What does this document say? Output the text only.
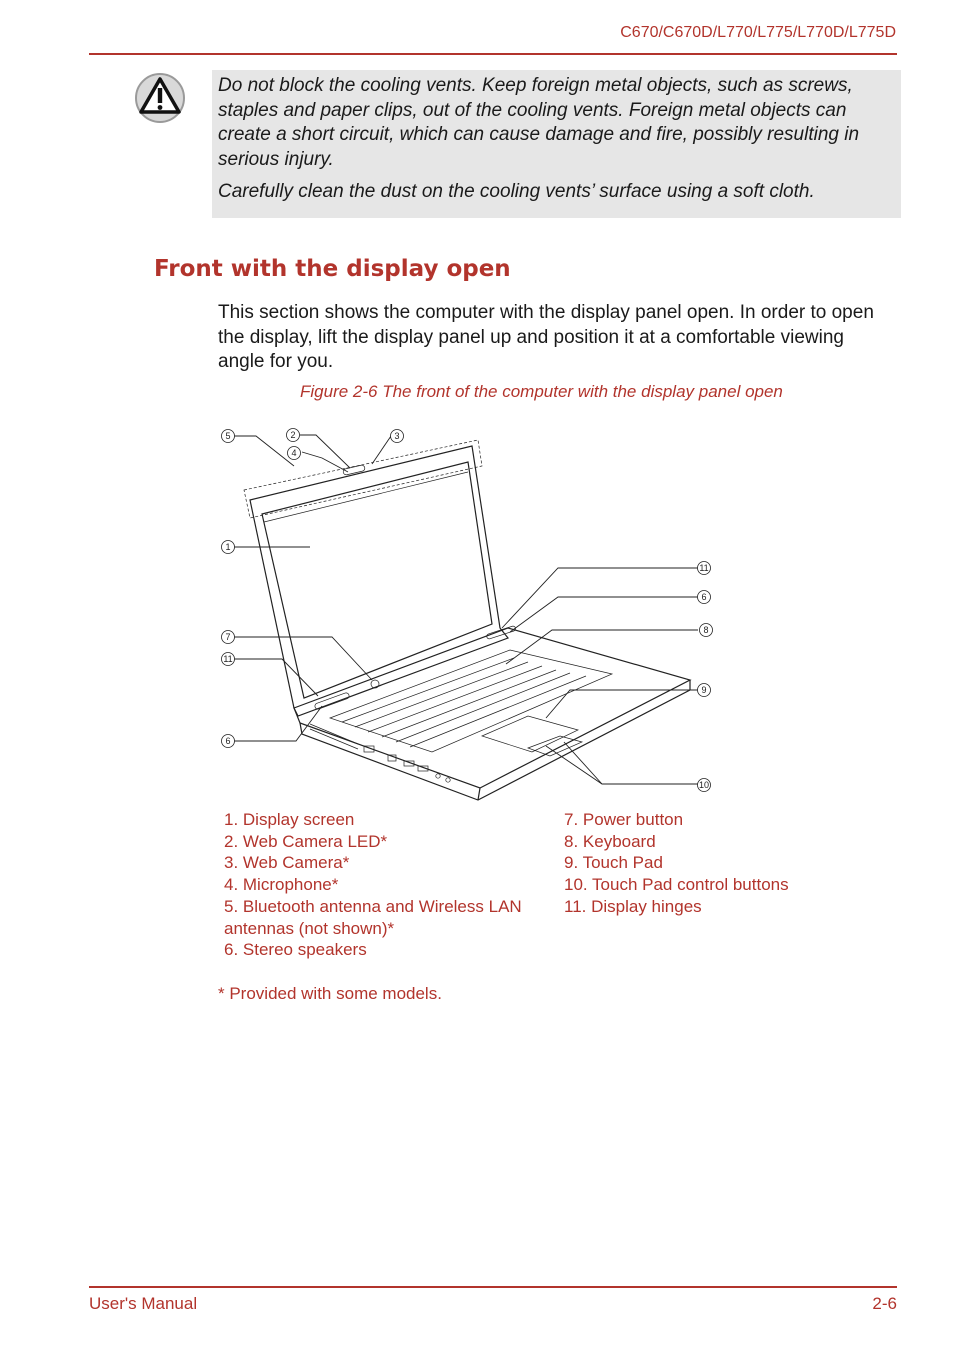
C670/C670D/L770/L775/L770D/L775D

Do not block the cooling vents. Keep foreign metal objects, such as screws, staples and paper clips, out of the cooling vents. Foreign metal objects can create a short circuit, which can cause damage and fire, possibly resulting in serious injury.

Carefully clean the dust on the cooling vents’ surface using a soft cloth.

Front with the display open

This section shows the computer with the display panel open. In order to open the display, lift the display panel up and position it at a comfortable viewing angle for you.

Figure 2-6 The front of the computer with the display panel open
5	2
4
3
1
11
6
8
7
11
9
6
10
1. Display screen
2. Web Camera LED*
3. Web Camera*
4. Microphone*
5. Bluetooth antenna and Wireless LAN
antennas (not shown)*
6. Stereo speakers
7. Power button
8. Keyboard
9. Touch Pad
10. Touch Pad control buttons
11. Display hinges
* Provided with some models.
User's Manual	2-6
